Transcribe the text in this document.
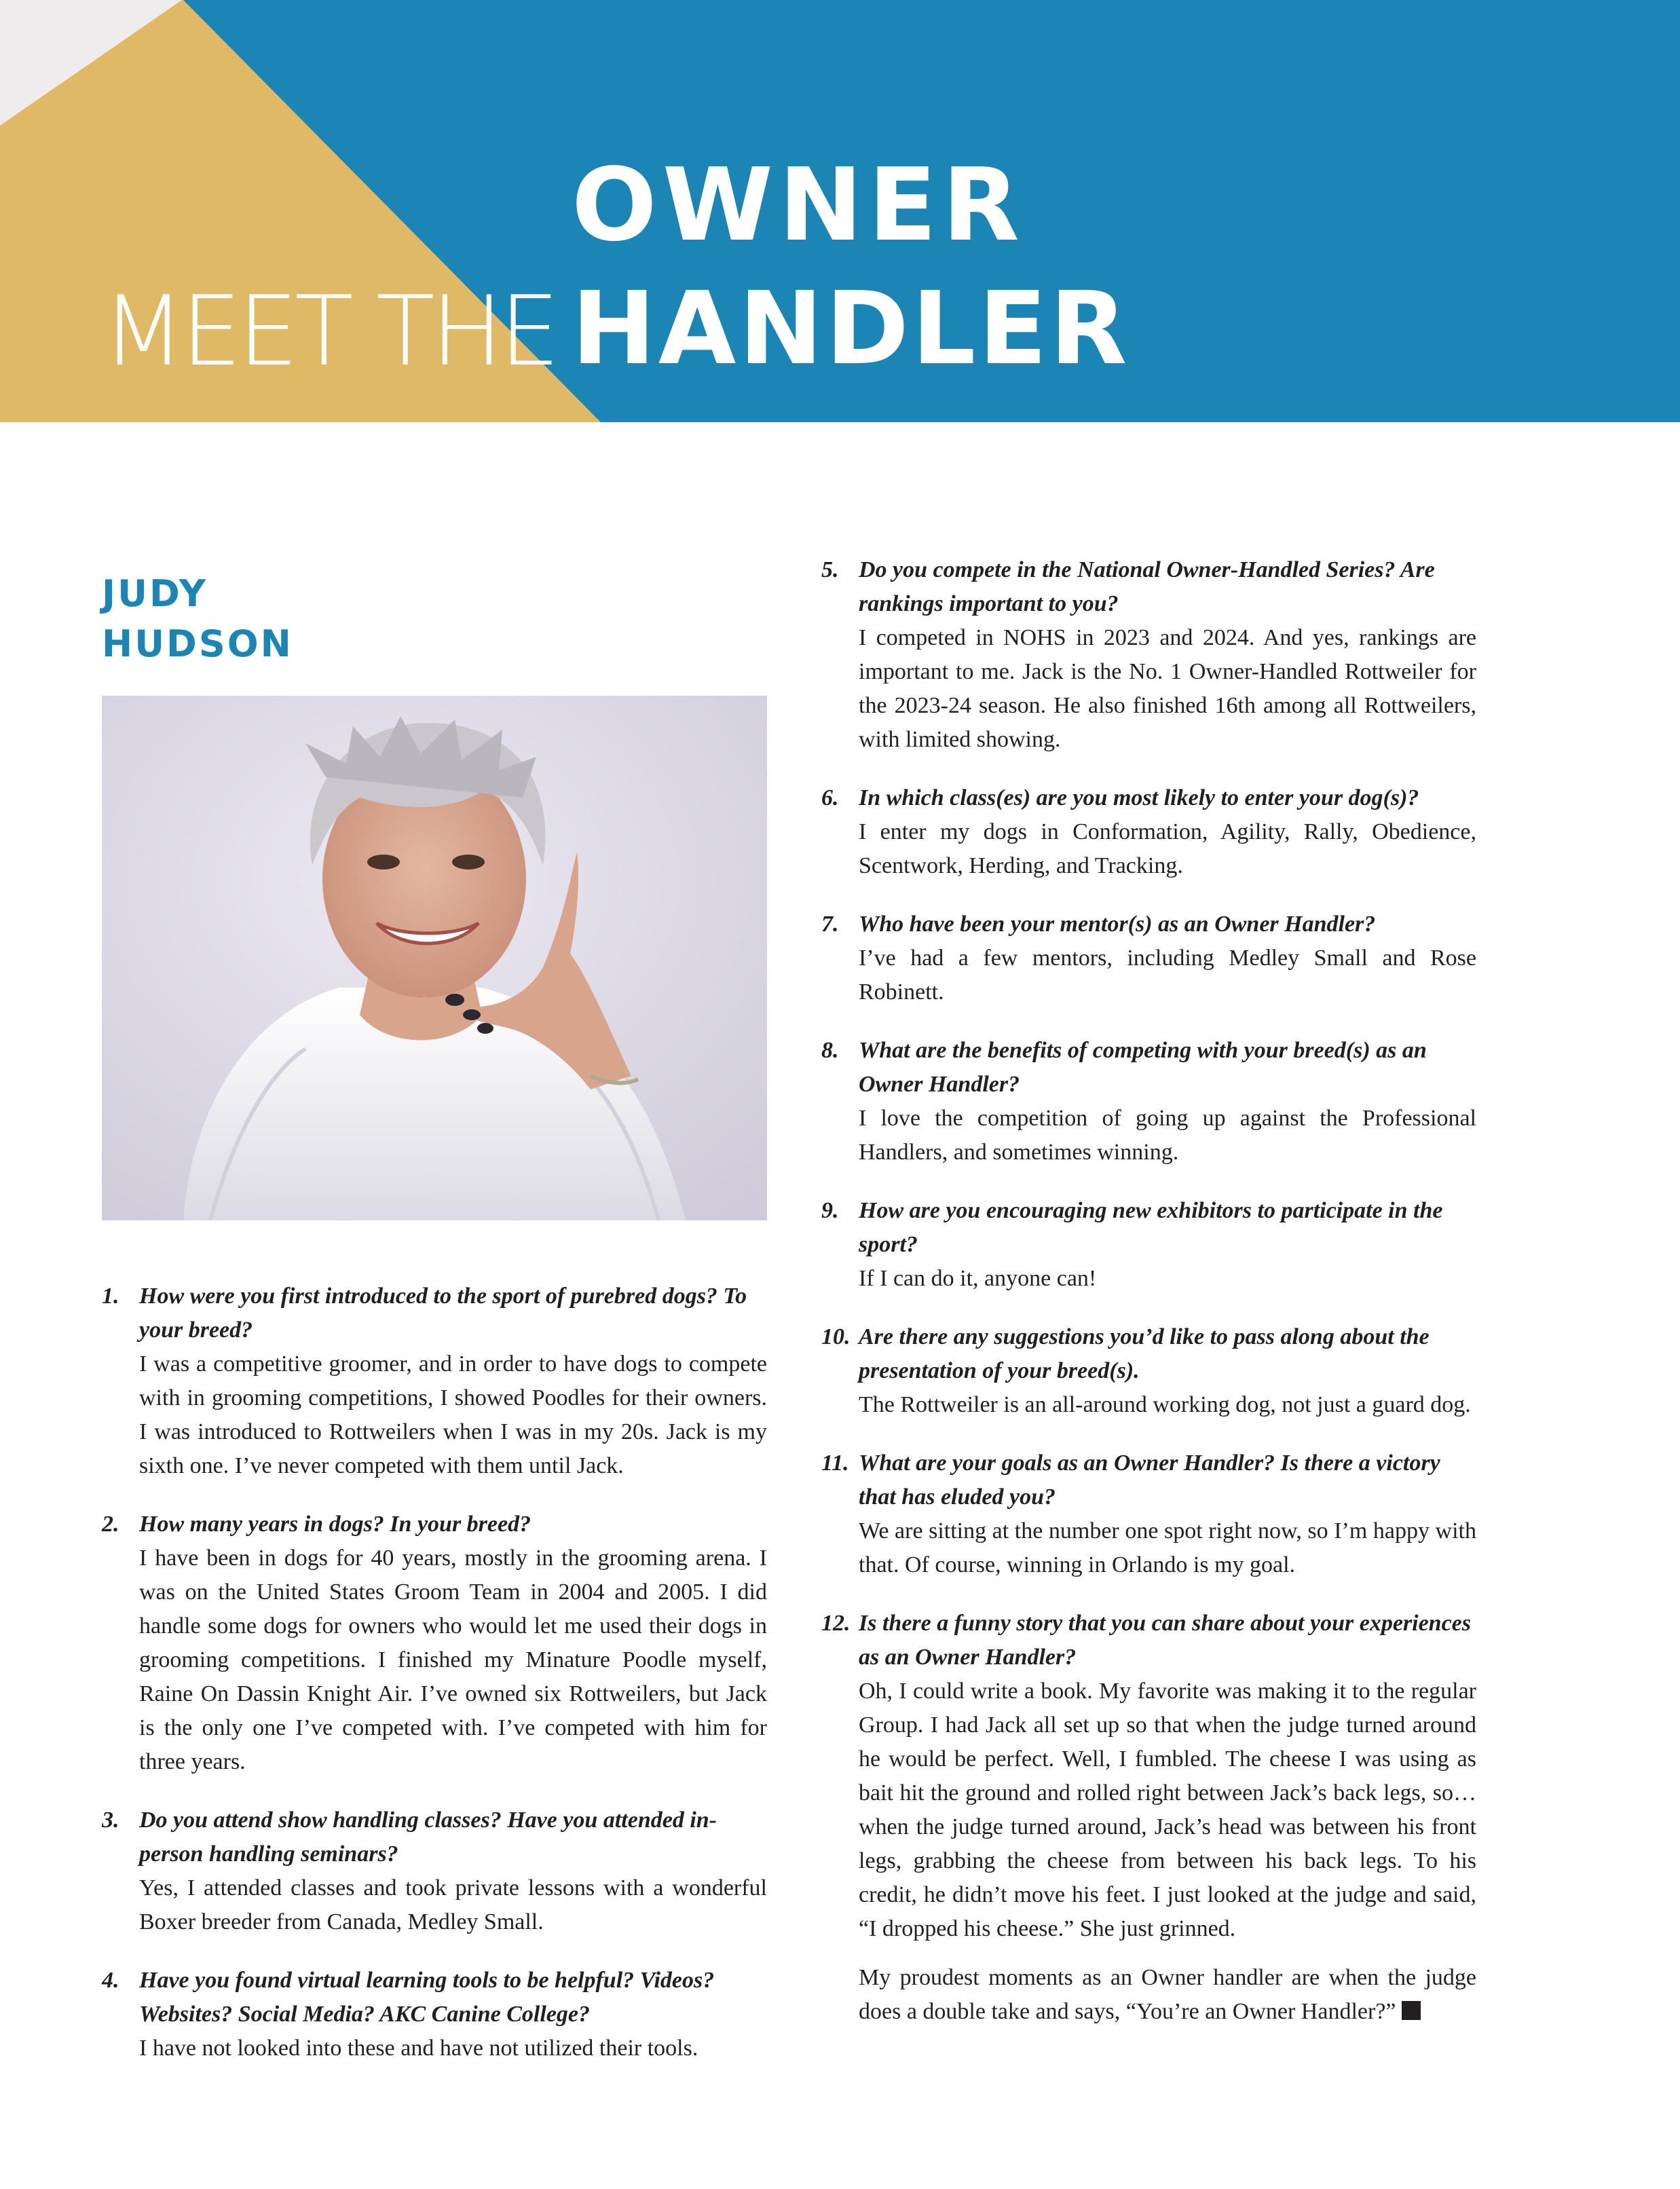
OWNER
MEET THE HANDLER
JUDY
HUDSON
1. How were you first introduced to the sport of purebred dogs? To your breed?
I was a competitive groomer, and in order to have dogs to compete with in grooming competitions, I showed Poodles for their owners. I was introduced to Rottweilers when I was in my 20s. Jack is my sixth one. I’ve never competed with them until Jack.
2. How many years in dogs? In your breed?
I have been in dogs for 40 years, mostly in the grooming arena. I was on the United States Groom Team in 2004 and 2005. I did handle some dogs for owners who would let me used their dogs in grooming competitions. I finished my Minature Poodle myself, Raine On Dassin Knight Air. I’ve owned six Rottweilers, but Jack is the only one I’ve competed with. I’ve competed with him for three years.
3. Do you attend show handling classes? Have you attended in-person handling seminars?
Yes, I attended classes and took private lessons with a wonderful Boxer breeder from Canada, Medley Small.
4. Have you found virtual learning tools to be helpful? Videos? Websites? Social Media? AKC Canine College?
I have not looked into these and have not utilized their tools.
5. Do you compete in the National Owner-Handled Series? Are rankings important to you?
I competed in NOHS in 2023 and 2024. And yes, rankings are important to me. Jack is the No. 1 Owner-Handled Rottweiler for the 2023-24 season. He also finished 16th among all Rottweilers, with limited showing.
6. In which class(es) are you most likely to enter your dog(s)?
I enter my dogs in Conformation, Agility, Rally, Obedience, Scentwork, Herding, and Tracking.
7. Who have been your mentor(s) as an Owner Handler?
I’ve had a few mentors, including Medley Small and Rose Robinett.
8. What are the benefits of competing with your breed(s) as an Owner Handler?
I love the competition of going up against the Professional Handlers, and sometimes winning.
9. How are you encouraging new exhibitors to participate in the sport?
If I can do it, anyone can!
10. Are there any suggestions you’d like to pass along about the presentation of your breed(s).
The Rottweiler is an all-around working dog, not just a guard dog.
11. What are your goals as an Owner Handler? Is there a victory that has eluded you?
We are sitting at the number one spot right now, so I’m happy with that. Of course, winning in Orlando is my goal.
12. Is there a funny story that you can share about your experiences as an Owner Handler?
Oh, I could write a book. My favorite was making it to the regular Group. I had Jack all set up so that when the judge turned around he would be perfect. Well, I fumbled. The cheese I was using as bait hit the ground and rolled right between Jack’s back legs, so… when the judge turned around, Jack’s head was between his front legs, grabbing the cheese from between his back legs. To his credit, he didn’t move his feet. I just looked at the judge and said, “I dropped his cheese.” She just grinned.
My proudest moments as an Owner handler are when the judge does a double take and says, “You’re an Owner Handler?”
